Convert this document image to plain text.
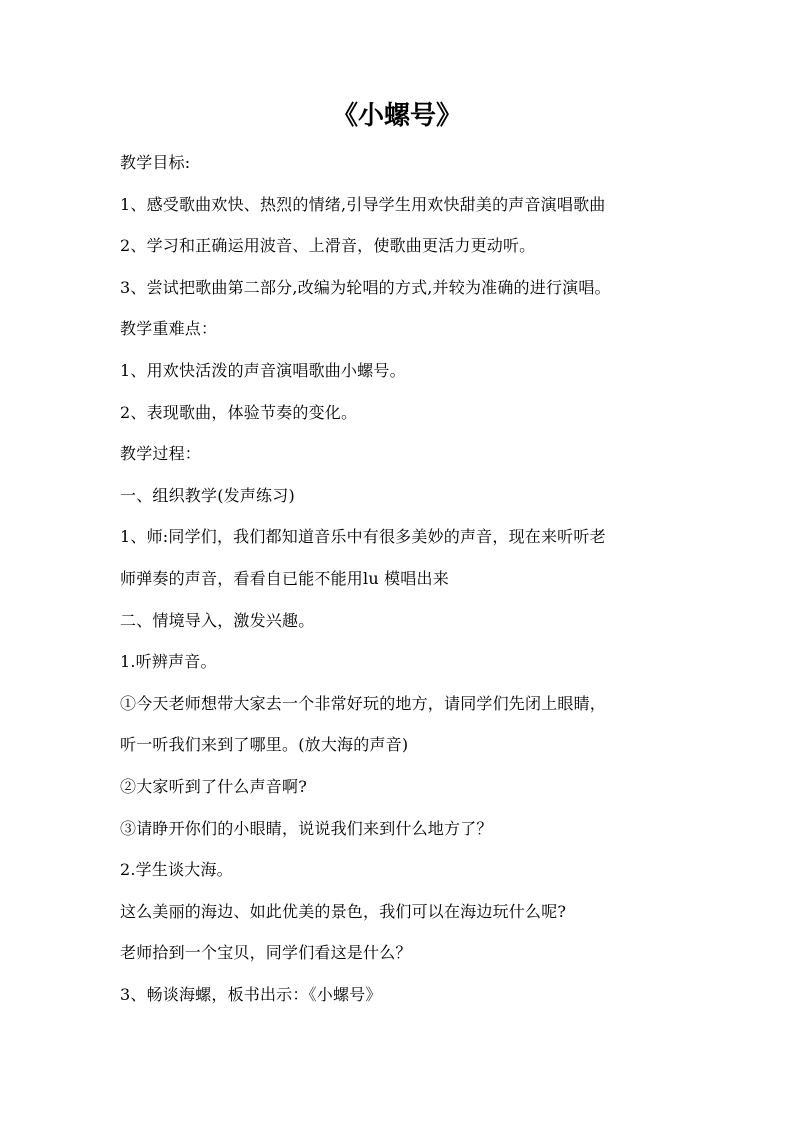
《小螺号》
教学目标:
1、感受歌曲欢快、热烈的情绪,引导学生用欢快甜美的声音演唱歌曲
2、学习和正确运用波音、上滑音，使歌曲更活力更动听。
3、尝试把歌曲第二部分,改编为轮唱的方式,并较为准确的进行演唱。
教学重难点：
1、用欢快活泼的声音演唱歌曲小螺号。
2、表现歌曲，体验节奏的变化。
教学过程：
一、组织教学(发声练习)
1、师:同学们，我们都知道音乐中有很多美妙的声音，现在来听听老
师弹奏的声音，看看自已能不能用lu 模唱出来
二、情境导入，激发兴趣。
1.听辨声音。
①今天老师想带大家去一个非常好玩的地方，请同学们先闭上眼睛，
听一听我们来到了哪里。(放大海的声音)
②大家听到了什么声音啊?
③请睁开你们的小眼睛，说说我们来到什么地方了？
2.学生谈大海。
这么美丽的海边、如此优美的景色，我们可以在海边玩什么呢?
老师拾到一个宝贝，同学们看这是什么？
3、畅谈海螺，板书出示：《小螺号》
